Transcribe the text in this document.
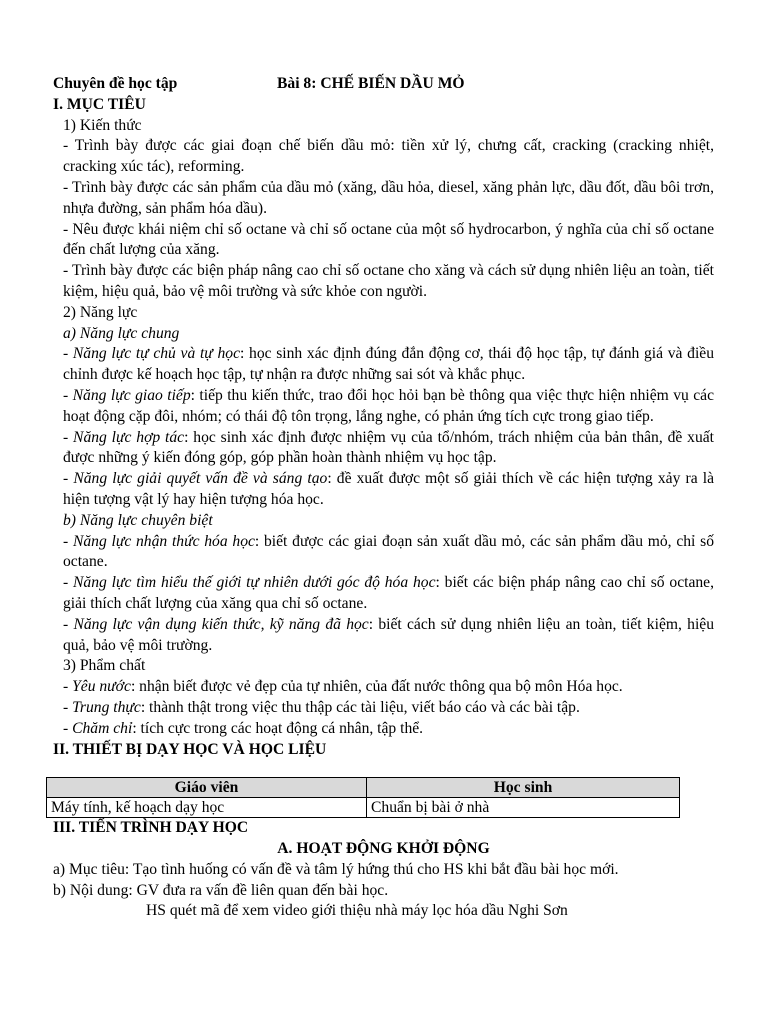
Chuyên đề học tập	Bài 8: CHẾ BIẾN DẦU MỎ
I. MỤC TIÊU
1) Kiến thức
- Trình bày được các giai đoạn chế biến dầu mỏ: tiền xử lý, chưng cất, cracking (cracking nhiệt, cracking xúc tác), reforming.
- Trình bày được các sản phẩm của dầu mỏ (xăng, dầu hỏa, diesel, xăng phản lực, dầu đốt, dầu bôi trơn, nhựa đường, sản phẩm hóa dầu).
- Nêu được khái niệm chỉ số octane và chỉ số octane của một số hydrocarbon, ý nghĩa của chỉ số octane đến chất lượng của xăng.
- Trình bày được các biện pháp nâng cao chỉ số octane cho xăng và cách sử dụng nhiên liệu an toàn, tiết kiệm, hiệu quả, bảo vệ môi trường và sức khỏe con người.
2) Năng lực
a) Năng lực chung
- Năng lực tự chủ và tự học: học sinh xác định đúng đắn động cơ, thái độ học tập, tự đánh giá và điều chỉnh được kế hoạch học tập, tự nhận ra được những sai sót và khắc phục.
- Năng lực giao tiếp: tiếp thu kiến thức, trao đổi học hỏi bạn bè thông qua việc thực hiện nhiệm vụ các hoạt động cặp đôi, nhóm; có thái độ tôn trọng, lắng nghe, có phản ứng tích cực trong giao tiếp.
- Năng lực hợp tác: học sinh xác định được nhiệm vụ của tổ/nhóm, trách nhiệm của bản thân, đề xuất được những ý kiến đóng góp, góp phần hoàn thành nhiệm vụ học tập.
- Năng lực giải quyết vấn đề và sáng tạo: đề xuất được một số giải thích về các hiện tượng xảy ra là hiện tượng vật lý hay hiện tượng hóa học.
b) Năng lực chuyên biệt
- Năng lực nhận thức hóa học: biết được các giai đoạn sản xuất dầu mỏ, các sản phẩm dầu mỏ, chỉ số octane.
- Năng lực tìm hiểu thế giới tự nhiên dưới góc độ hóa học: biết các biện pháp nâng cao chỉ số octane, giải thích chất lượng của xăng qua chỉ số octane.
- Năng lực vận dụng kiến thức, kỹ năng đã học: biết cách sử dụng nhiên liệu an toàn, tiết kiệm, hiệu quả, bảo vệ môi trường.
3) Phẩm chất
- Yêu nước: nhận biết được vẻ đẹp của tự nhiên, của đất nước thông qua bộ môn Hóa học.
- Trung thực: thành thật trong việc thu thập các tài liệu, viết báo cáo và các bài tập.
- Chăm chỉ: tích cực trong các hoạt động cá nhân, tập thể.
II. THIẾT BỊ DẠY HỌC VÀ HỌC LIỆU
Giáo viên	Học sinh
Máy tính, kế hoạch dạy học	Chuẩn bị bài ở nhà
III. TIẾN TRÌNH DẠY HỌC
A. HOẠT ĐỘNG KHỞI ĐỘNG
a) Mục tiêu: Tạo tình huống có vấn đề và tâm lý hứng thú cho HS khi bắt đầu bài học mới.
b) Nội dung: GV đưa ra vấn đề liên quan đến bài học.
HS quét mã để xem video giới thiệu nhà máy lọc hóa dầu Nghi Sơn
